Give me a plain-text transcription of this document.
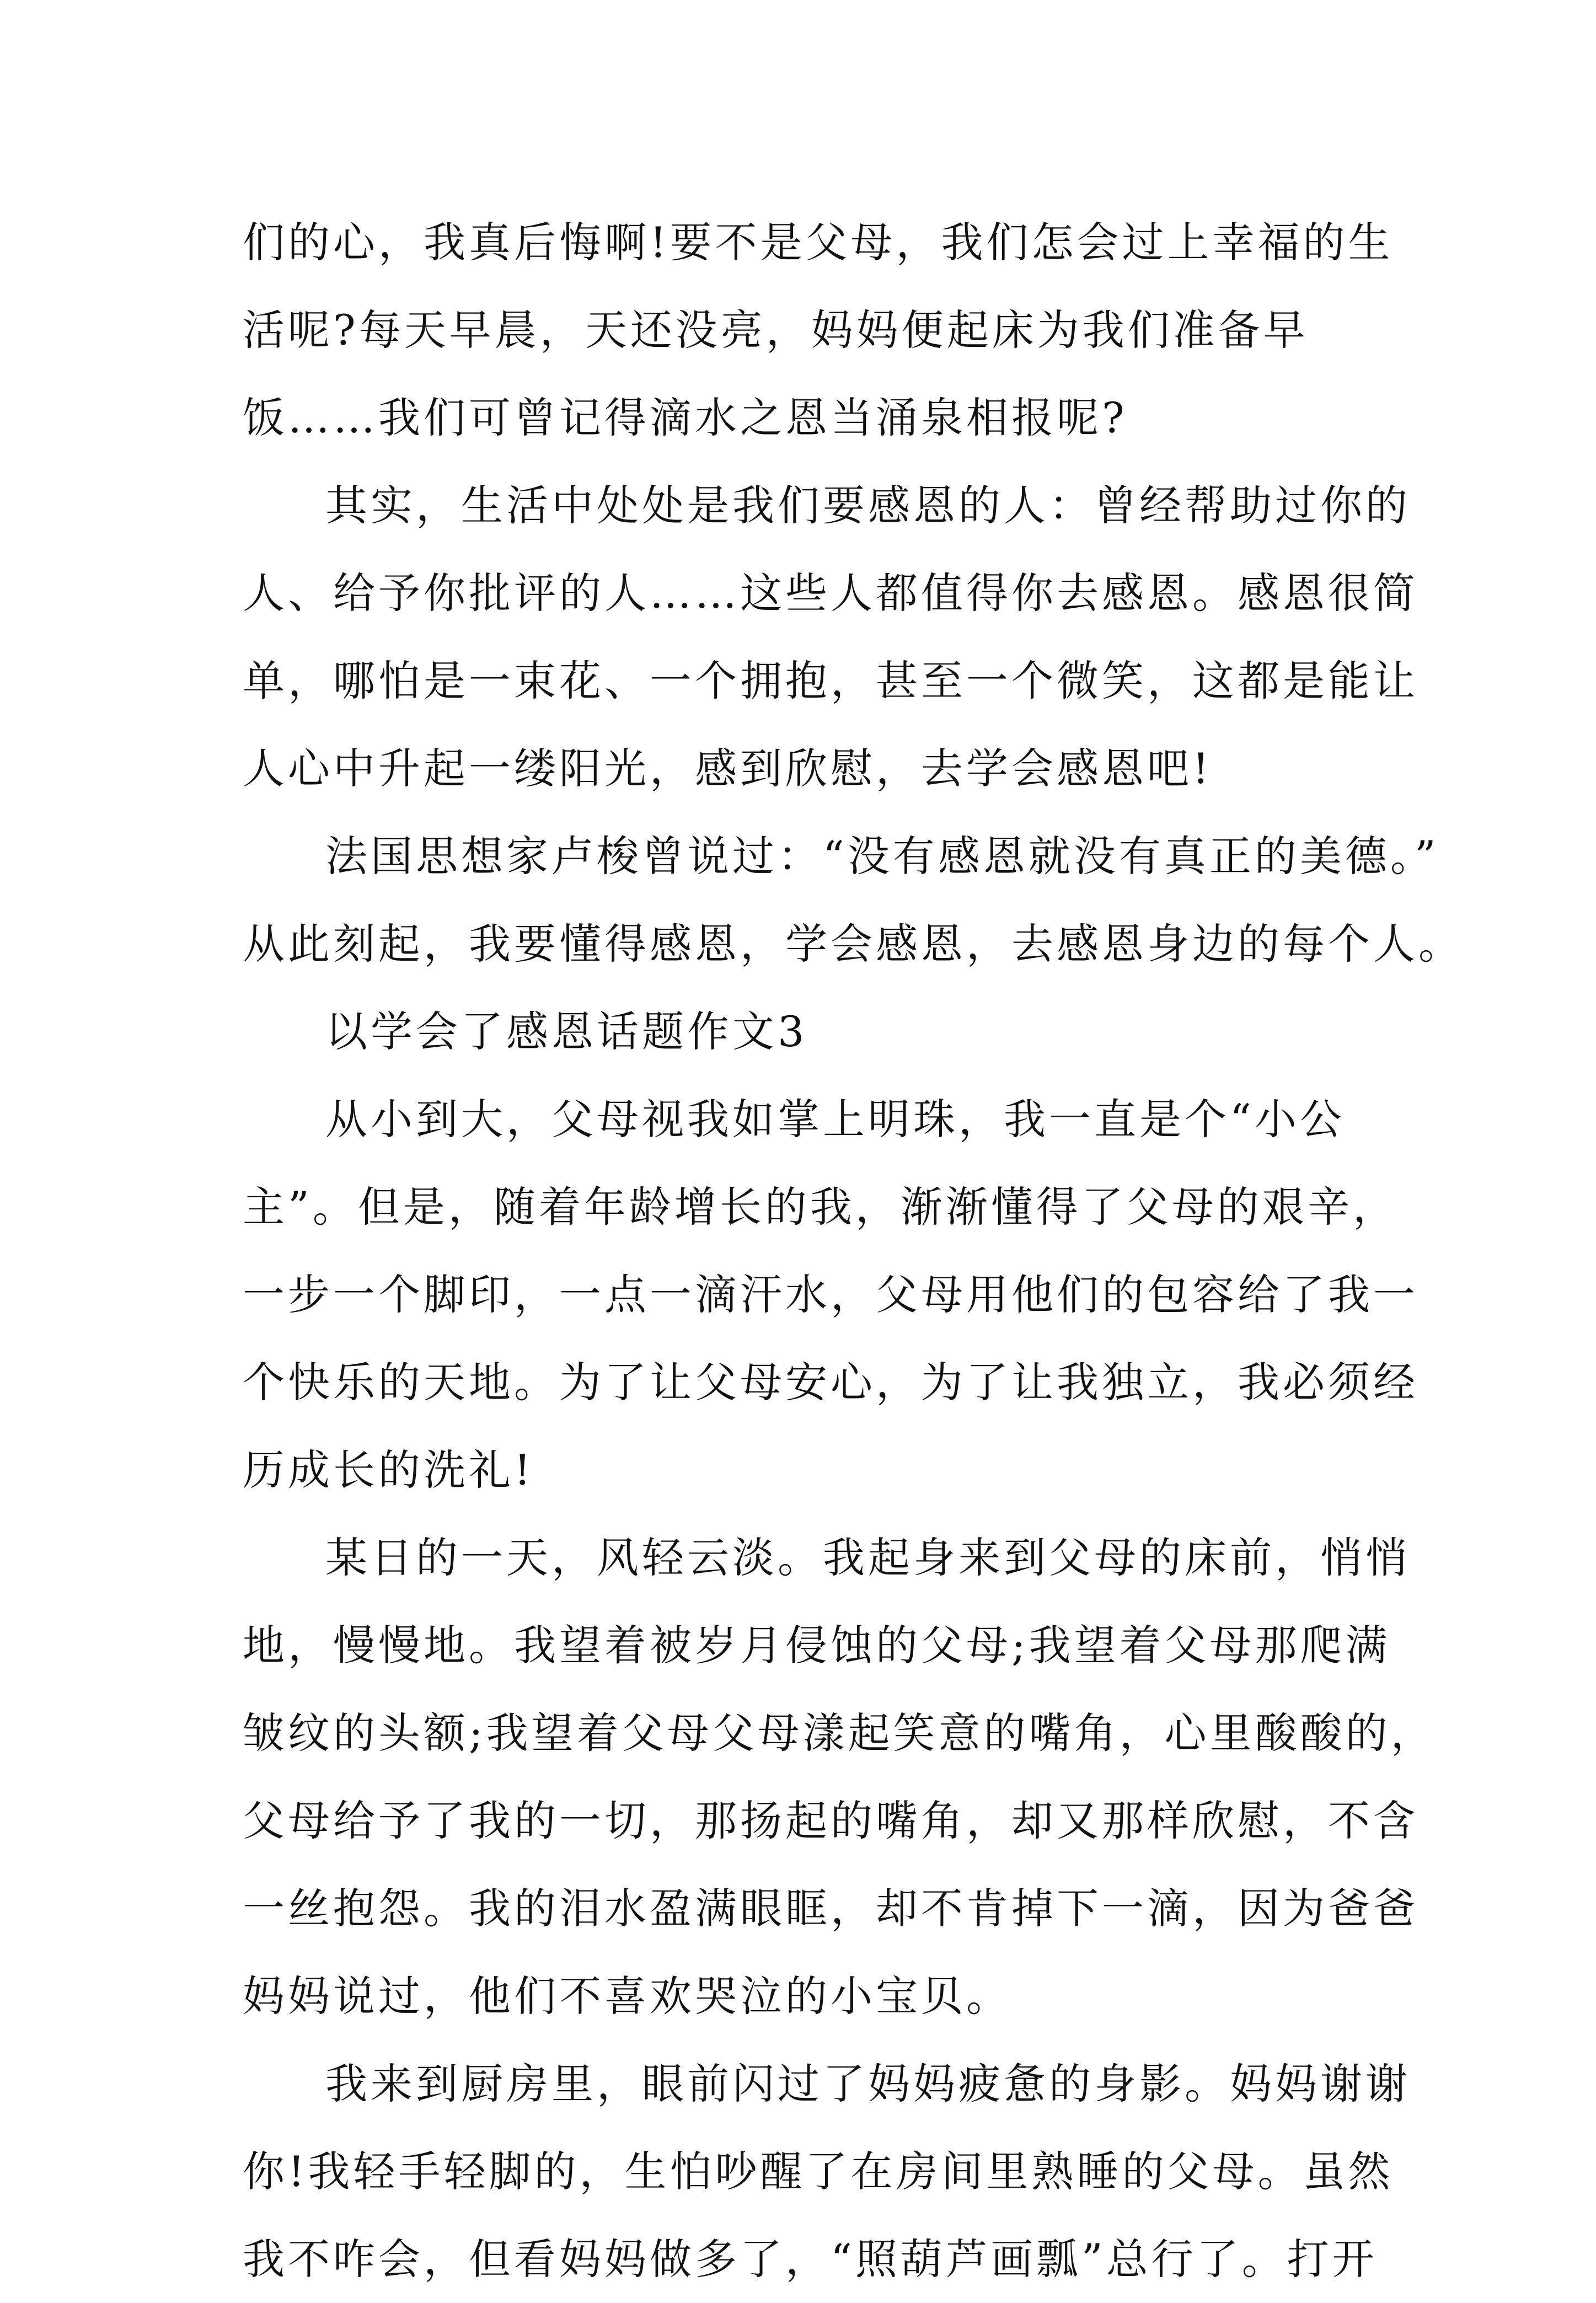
们的心，我真后悔啊!要不是父母，我们怎会过上幸福的生
活呢?每天早晨，天还没亮，妈妈便起床为我们准备早
饭……我们可曾记得滴水之恩当涌泉相报呢?
其实，生活中处处是我们要感恩的人：曾经帮助过你的
人、给予你批评的人……这些人都值得你去感恩。感恩很简
单，哪怕是一束花、一个拥抱，甚至一个微笑，这都是能让
人心中升起一缕阳光，感到欣慰，去学会感恩吧!
法国思想家卢梭曾说过：“没有感恩就没有真正的美德。”
从此刻起，我要懂得感恩，学会感恩，去感恩身边的每个人。
以学会了感恩话题作文3
从小到大，父母视我如掌上明珠，我一直是个“小公
主”。但是，随着年龄增长的我，渐渐懂得了父母的艰辛，
一步一个脚印，一点一滴汗水，父母用他们的包容给了我一
个快乐的天地。为了让父母安心，为了让我独立，我必须经
历成长的洗礼!
某日的一天，风轻云淡。我起身来到父母的床前，悄悄
地，慢慢地。我望着被岁月侵蚀的父母;我望着父母那爬满
皱纹的头额;我望着父母父母漾起笑意的嘴角，心里酸酸的，
父母给予了我的一切，那扬起的嘴角，却又那样欣慰，不含
一丝抱怨。我的泪水盈满眼眶，却不肯掉下一滴，因为爸爸
妈妈说过，他们不喜欢哭泣的小宝贝。
我来到厨房里，眼前闪过了妈妈疲惫的身影。妈妈谢谢
你!我轻手轻脚的，生怕吵醒了在房间里熟睡的父母。虽然
我不咋会，但看妈妈做多了，“照葫芦画瓢”总行了。打开
